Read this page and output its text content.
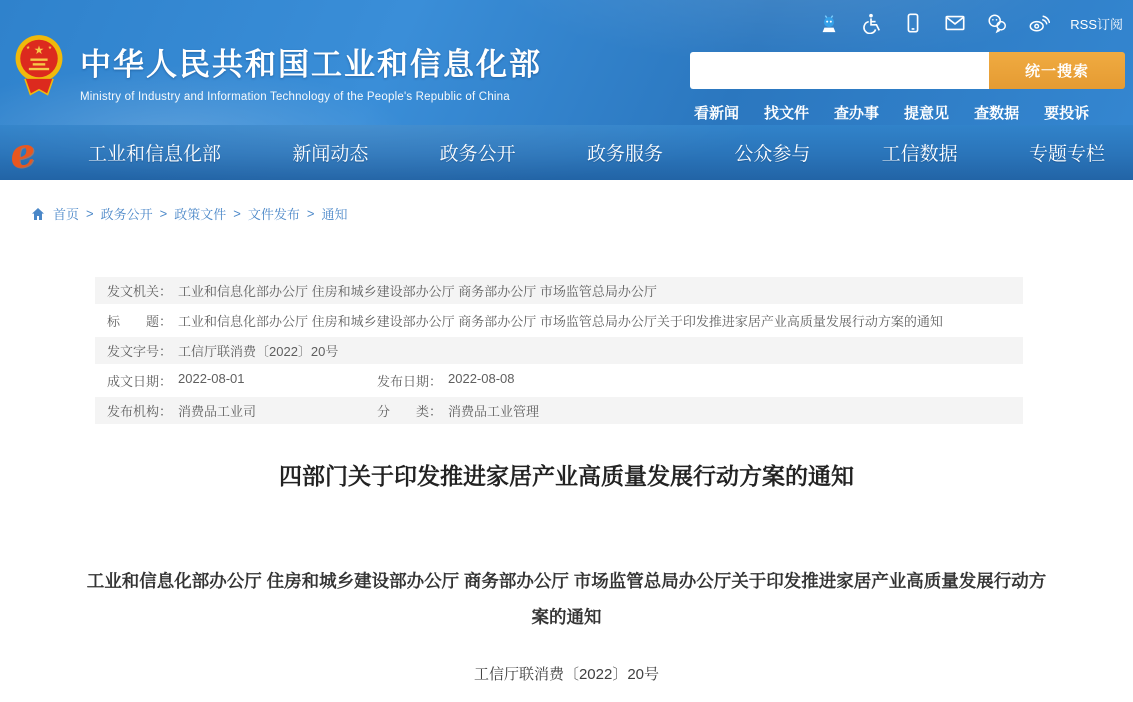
RSS订阅
★
★	★ 中华人民共和国工业和信息化部
Ministry of Industry and Information Technology of the People's Republic of China
统一搜索
看新闻 找文件 查办事 提意见 查数据 要投诉
e	工业和信息化部	新闻动态	政务公开	政务服务	公众参与	工信数据	专题专栏
首页 > 政务公开 > 政策文件 > 文件发布 > 通知
发文机关： 工业和信息化部办公厅 住房和城乡建设部办公厅 商务部办公厅 市场监管总局办公厅
标　　题： 工业和信息化部办公厅 住房和城乡建设部办公厅 商务部办公厅 市场监管总局办公厅关于印发推进家居产业高质量发展行动方案的通知
发文字号： 工信厅联消费〔2022〕20号
成文日期： 2022-08-01	发布日期： 2022-08-08
发布机构： 消费品工业司	分　　类： 消费品工业管理
四部门关于印发推进家居产业高质量发展行动方案的通知
工业和信息化部办公厅 住房和城乡建设部办公厅 商务部办公厅 市场监管总局办公厅关于印发推进家居产业高质量发展行动方案的通知
工信厅联消费〔2022〕20号
